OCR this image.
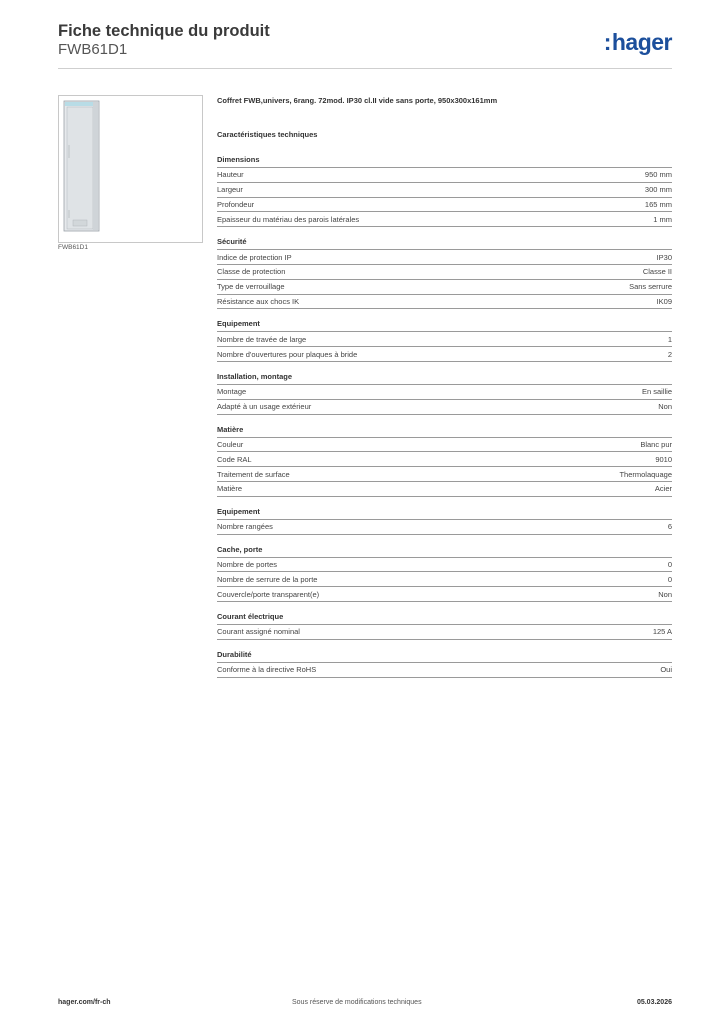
Fiche technique du produit
FWB61D1	:hager
FWB61D1
Coffret FWB,univers, 6rang. 72mod. IP30 cl.II vide sans porte, 950x300x161mm
Caractéristiques techniques
Dimensions
Hauteur	950 mm
Largeur	300 mm
Profondeur	165 mm
Epaisseur du matériau des parois latérales	1 mm
Sécurité
Indice de protection IP	IP30
Classe de protection	Classe II
Type de verrouillage	Sans serrure
Résistance aux chocs IK	IK09
Equipement
Nombre de travée de large	1
Nombre d'ouvertures pour plaques à bride	2
Installation, montage
Montage	En saillie
Adapté à un usage extérieur	Non
Matière
Couleur	Blanc pur
Code RAL	9010
Traitement de surface	Thermolaquage
Matière	Acier
Equipement
Nombre rangées	6
Cache, porte
Nombre de portes	0
Nombre de serrure de la porte	0
Couvercle/porte transparent(e)	Non
Courant électrique
Courant assigné nominal	125 A
Durabilité
Conforme à la directive RoHS	Oui
hager.com/fr-ch	Sous réserve de modifications techniques	05.03.2026
